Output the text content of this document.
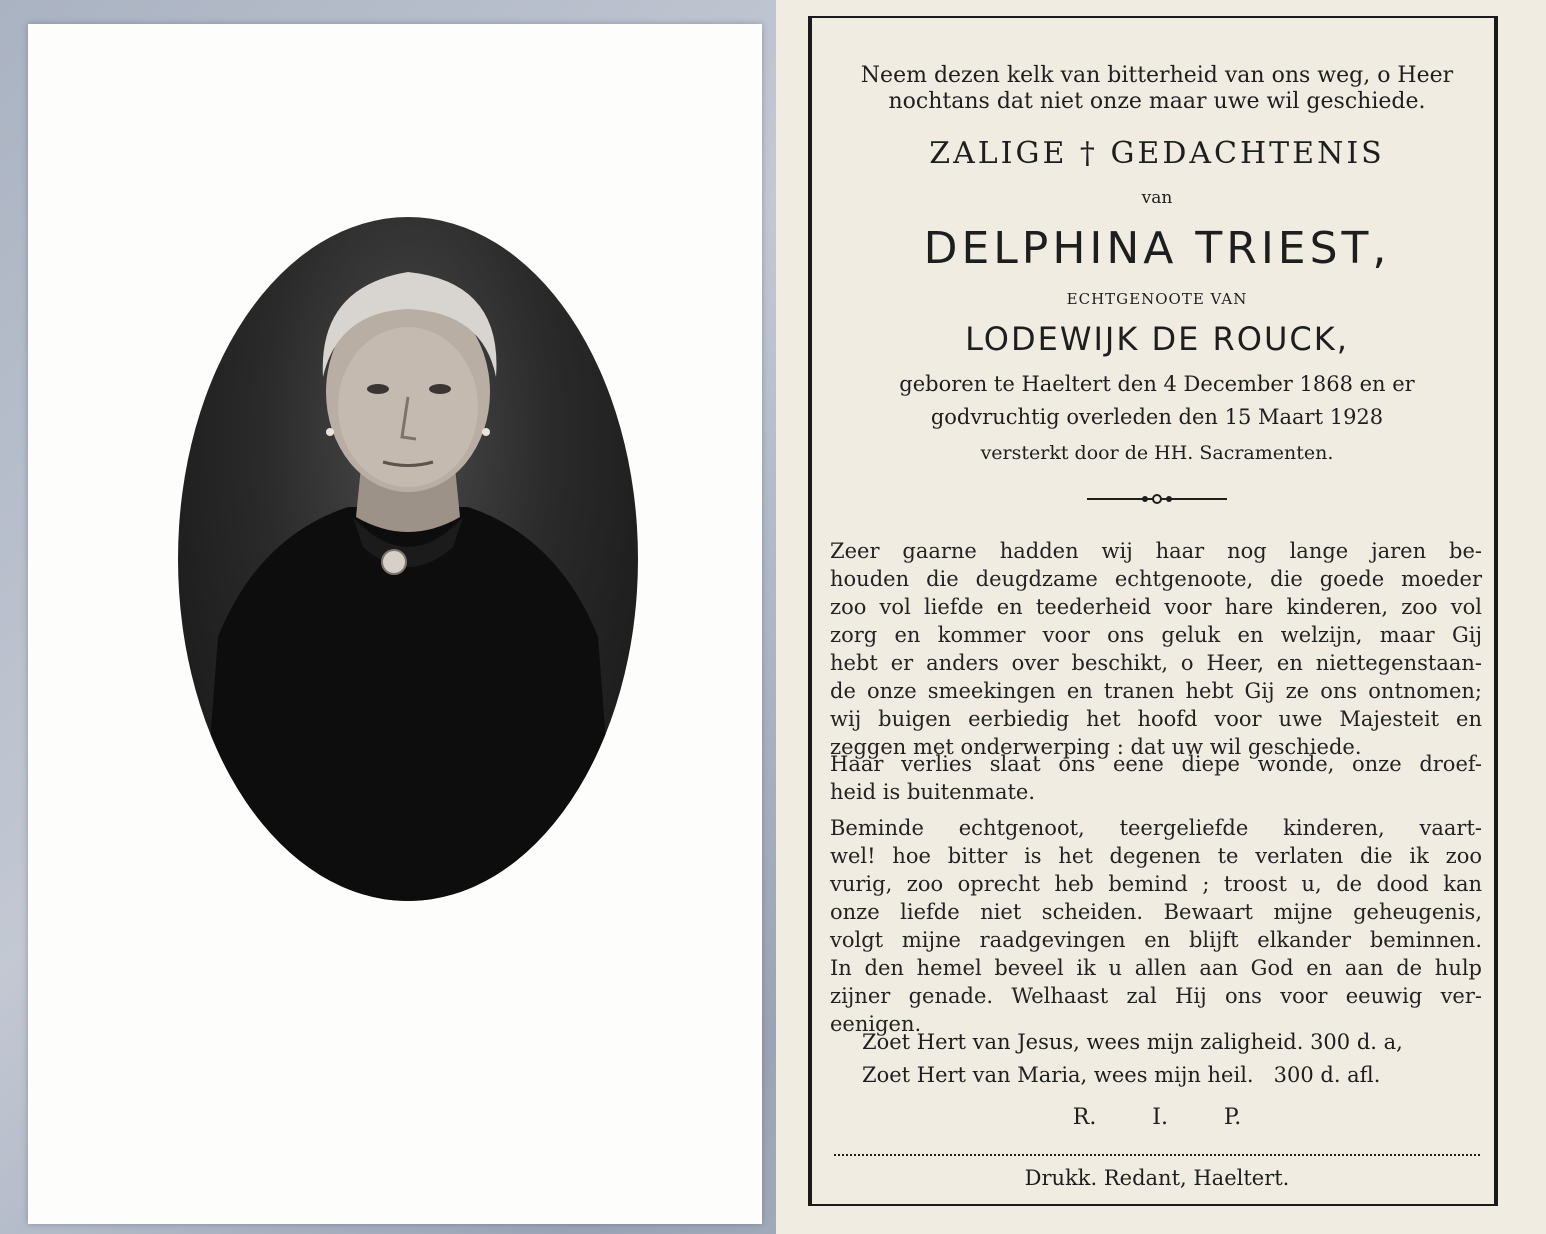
Neem dezen kelk van bitterheid van ons weg, o Heer
nochtans dat niet onze maar uwe wil geschiede.
ZALIGE † GEDACHTENIS
van
DELPHINA TRIEST,
ECHTGENOOTE VAN
LODEWIJK DE ROUCK,
geboren te Haeltert den 4 December 1868 en er
godvruchtig overleden den 15 Maart 1928
versterkt door de HH. Sacramenten.
Zeer gaarne hadden wij haar nog lange jaren be-
houden die deugdzame echtgenoote, die goede moeder
zoo vol liefde en teederheid voor hare kinderen, zoo vol
zorg en kommer voor ons geluk en welzijn, maar Gij
hebt er anders over beschikt, o Heer, en niettegenstaan-
de onze smeekingen en tranen hebt Gij ze ons ontnomen;
wij buigen eerbiedig het hoofd voor uwe Majesteit en
zeggen met onderwerping : dat uw wil geschiede.
Haar verlies slaat ons eene diepe wonde, onze droef-
heid is buitenmate.
Beminde echtgenoot, teergeliefde kinderen, vaart-
wel! hoe bitter is het degenen te verlaten die ik zoo
vurig, zoo oprecht heb bemind ; troost u, de dood kan
onze liefde niet scheiden. Bewaart mijne geheugenis,
volgt mijne raadgevingen en blijft elkander beminnen.
In den hemel beveel ik u allen aan God en aan de hulp
zijner genade. Welhaast zal Hij ons voor eeuwig ver-
eenigen.
Zoet Hert van Jesus, wees mijn zaligheid. 300 d. a,
Zoet Hert van Maria, wees mijn heil.   300 d. afl.
R.        I.        P.
Drukk. Redant, Haeltert.
